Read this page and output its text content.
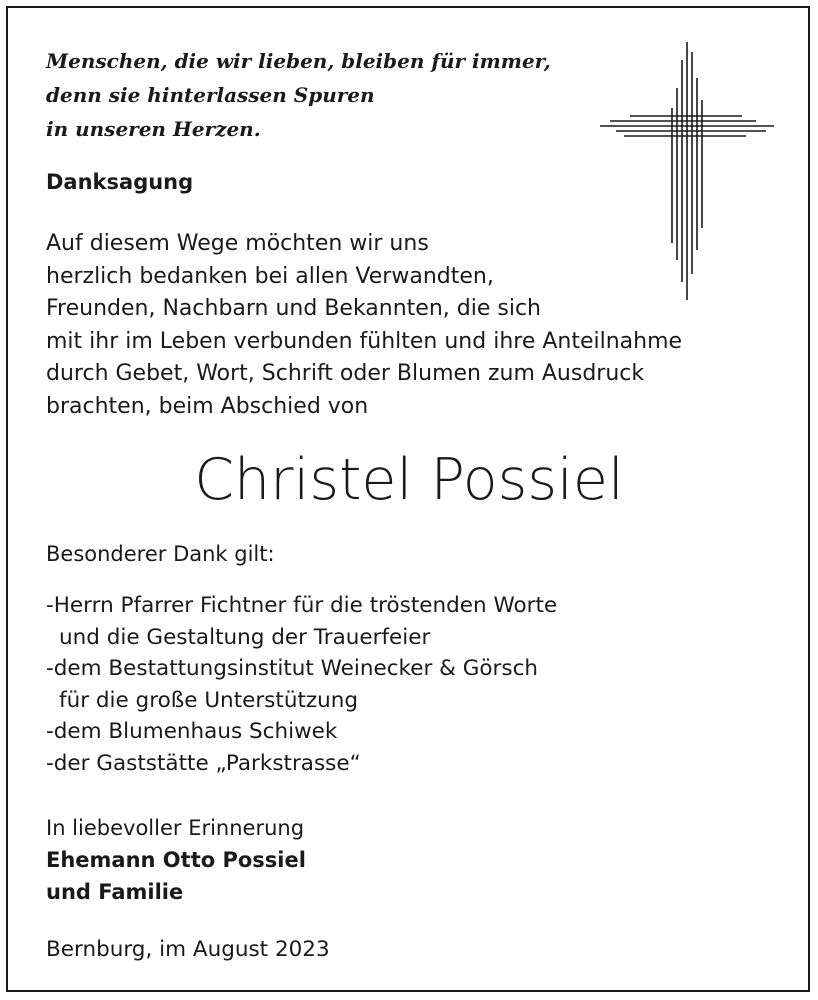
Menschen, die wir lieben, bleiben für immer,
denn sie hinterlassen Spuren
in unseren Herzen.
Danksagung
Auf diesem Wege möchten wir uns
herzlich bedanken bei allen Verwandten,
Freunden, Nachbarn und Bekannten, die sich
mit ihr im Leben verbunden fühlten und ihre Anteilnahme
durch Gebet, Wort, Schrift oder Blumen zum Ausdruck
brachten, beim Abschied von
Christel Possiel
Besonderer Dank gilt:
-Herrn Pfarrer Fichtner für die tröstenden Worte
und die Gestaltung der Trauerfeier
-dem Bestattungsinstitut Weinecker & Görsch
für die große Unterstützung
-dem Blumenhaus Schiwek
-der Gaststätte „Parkstrasse“
In liebevoller Erinnerung
Ehemann Otto Possiel
und Familie
Bernburg, im August 2023
